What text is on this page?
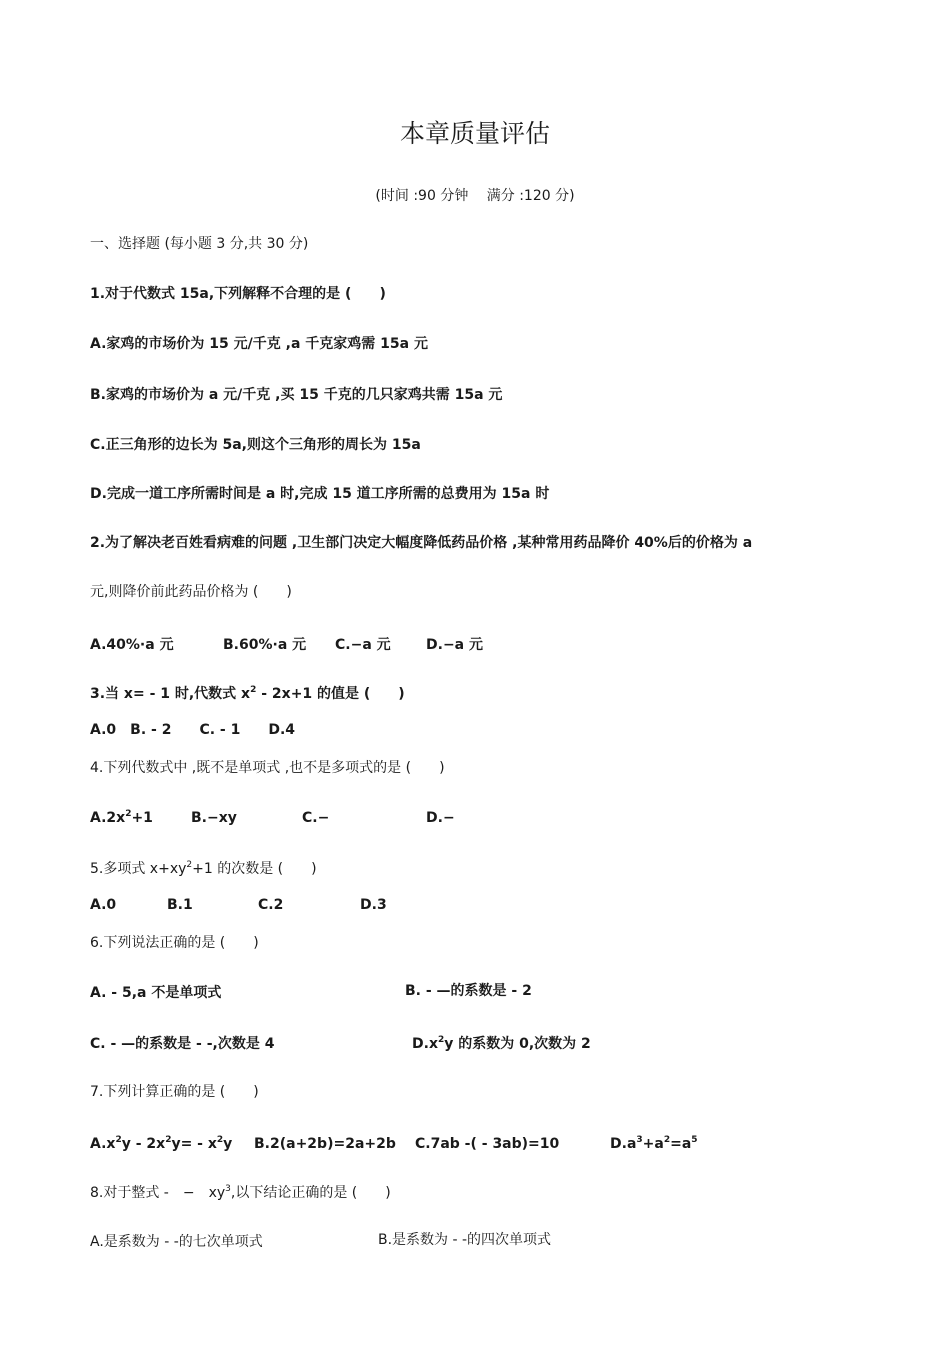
本章质量评估
(时间 :90 分钟　 满分 :120 分)
一、选择题 (每小题 3 分,共 30 分)
1.对于代数式 15a,下列解释不合理的是 (　　)
A.家鸡的市场价为 15 元/千克 ,a 千克家鸡需 15a 元
B.家鸡的市场价为 a 元/千克 ,买 15 千克的几只家鸡共需 15a 元
C.正三角形的边长为 5a,则这个三角形的周长为 15a
D.完成一道工序所需时间是 a 时,完成 15 道工序所需的总费用为 15a 时
2.为了解决老百姓看病难的问题 ,卫生部门决定大幅度降低药品价格 ,某种常用药品降价 40%后的价格为 a
元,则降价前此药品价格为 (　　)
A.40%·a 元	B.60%·a 元 C.−a 元	D.−a 元
3.当 x= - 1 时,代数式 $x^2 - 2x+1$ 的值是 (　　)
A.0　B. - 2　　C. - 1　　D.4
4.下列代数式中 ,既不是单项式 ,也不是多项式的是 (　　)
$A.2x^2+1$	B.−xy	C.−	D.−
5.多项式 $x+xy^2+1$ 的次数是 (　　)
A.0	B.1	C.2	D.3
6.下列说法正确的是 (　　)
A. - 5,a 不是单项式	B. - —的系数是 - 2
C. - —的系数是 - -,次数是 4	$D.x^2y$ 的系数为 0,次数为 2
7.下列计算正确的是 (　　)
$A.x^2y - 2x^2y= - x^2y$ B.2(a+2b)=2a+2b C.7ab -( - 3ab)=10	$D.a^3+a^2=a^5$
8.对于整式 -　−　$xy^3$,以下结论正确的是 (　　)
A.是系数为 - -的七次单项式	B.是系数为 - -的四次单项式
